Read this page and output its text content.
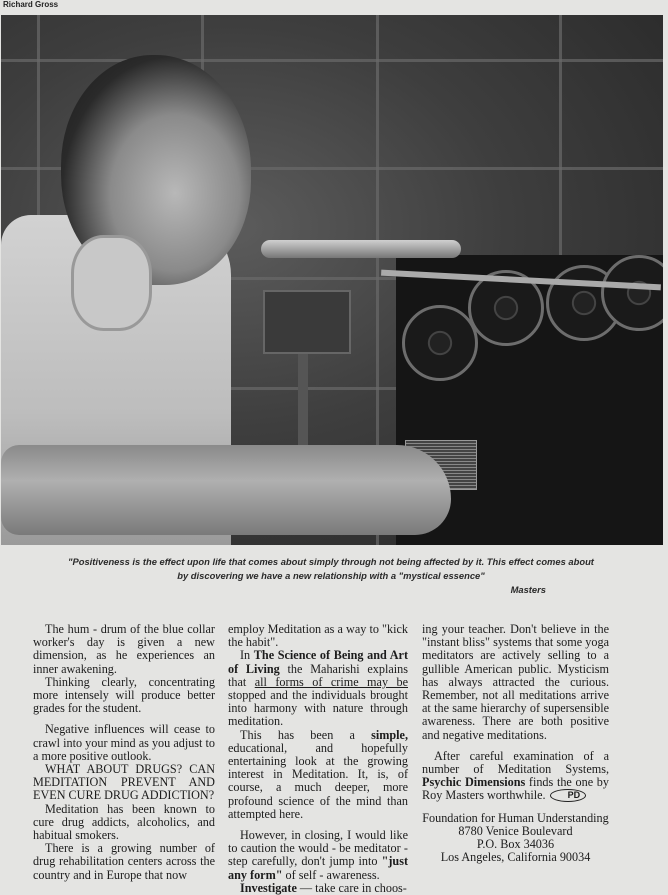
Richard Gross
"Positiveness is the effect upon life that comes about simply through not being affected by it. This effect comes about by discovering we have a new relationship with a "mystical essence"
Masters

The hum - drum of the blue collar worker's day is given a new dimension, as he experiences an inner awakening.

Thinking clearly, concentrating more intensely will produce better grades for the student.

Negative influences will cease to crawl into your mind as you adjust to a more positive outlook.

WHAT ABOUT DRUGS? CAN MEDITATION PREVENT AND EVEN CURE DRUG ADDICTION?

Meditation has been known to cure drug addicts, alcoholics, and habitual smokers.

There is a growing number of drug rehabilitation centers across the country and in Europe that now

employ Meditation as a way to "kick the habit".

In The Science of Being and Art of Living the Maharishi explains that all forms of crime may be stopped and the individuals brought into harmony with nature through meditation.

This has been a simple, educational, and hopefully entertaining look at the growing interest in Meditation. It, is, of course, a much deeper, more profound science of the mind than attempted here.

However, in closing, I would like to caution the would - be meditator -step carefully, don't jump into "just any form" of self - awareness.

Investigate — take care in choos-

ing your teacher. Don't believe in the "instant bliss" systems that some yoga meditators are actively selling to a gullible American public. Mysticism has always attracted the curious. Remember, not all meditations arrive at the same hierarchy of supersensible awareness. There are both positive and negative meditations.

After careful examination of a number of Meditation Systems, Psychic Dimensions finds the one by Roy Masters worthwhile. PD

Foundation for Human Understanding
8780 Venice Boulevard
P.O. Box 34036
Los Angeles, California 90034
